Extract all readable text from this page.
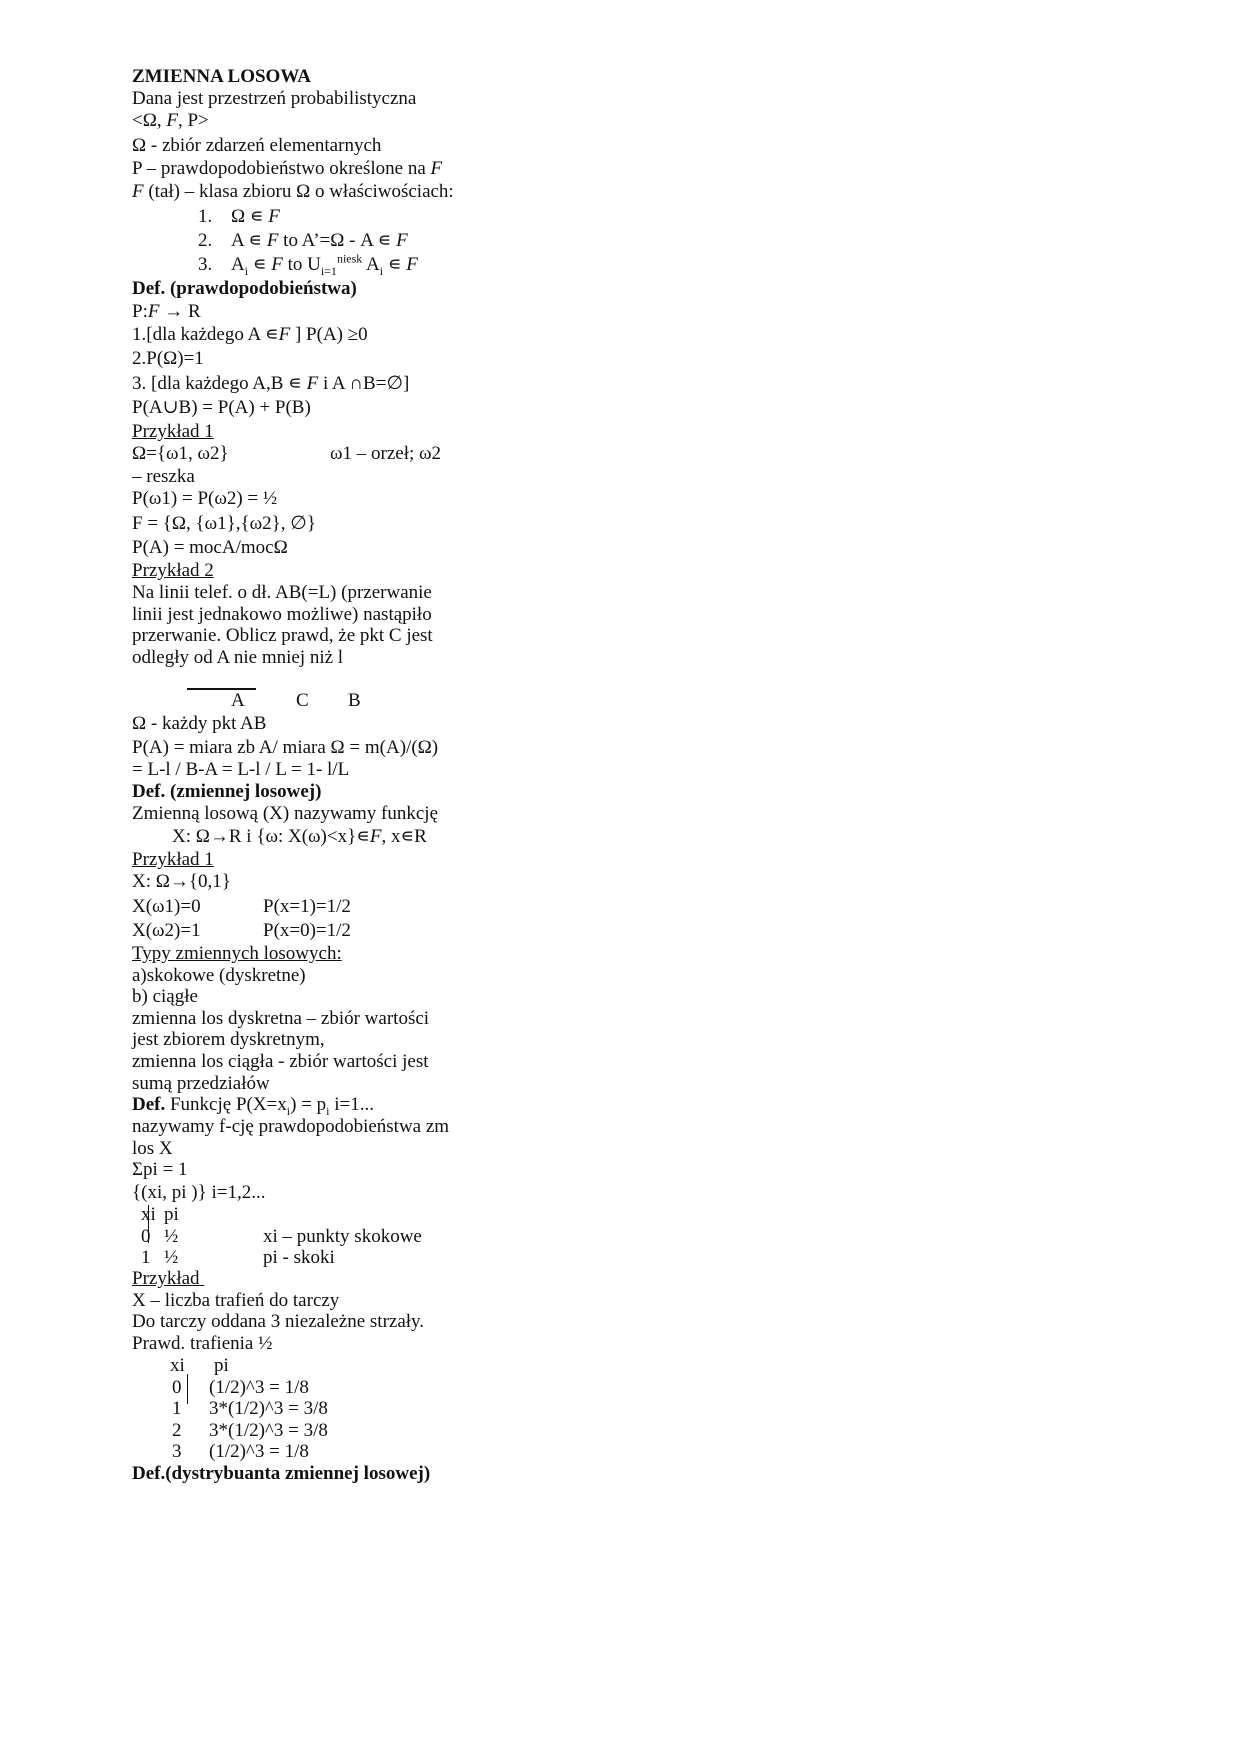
ZMIENNA LOSOWA
Dana jest przestrzeń probabilistyczna
<Ω, F, P>
Ω - zbiór zdarzeń elementarnych
P – prawdopodobieństwo określone na F
F (tał) – klasa zbioru Ω o właściwościach:
1. Ω ∊ F
2. A ∊ F to A’=Ω - A ∊ F
3. $A_i$ ∊ F to $U_{i=1}^{niesk}$ $A_i$ ∊ F
Def. (prawdopodobieństwa)
P:F → R
1.[dla każdego A ∊F ] P(A) ≥0
2.P(Ω)=1
3. [dla każdego A,B ∊ F i A ∩B=∅]
P(A∪B) = P(A) + P(B)
Przykład 1
Ω={ω1, ω2}	ω1 – orzeł; ω2
– reszka
P(ω1) = P(ω2) = ½
F = {Ω, {ω1},{ω2}, ∅}
P(A) = mocA/mocΩ
Przykład 2
Na linii telef. o dł. AB(=L) (przerwanie
linii jest jednakowo możliwe) nastąpiło
przerwanie. Oblicz prawd, że pkt C jest
odległy od A nie mniej niż l
A	C B
Ω - każdy pkt AB
P(A) = miara zb A/ miara Ω = m(A)/(Ω)
= L-l / B-A = L-l / L = 1- l/L
Def. (zmiennej losowej)
Zmienną losową (X) nazywamy funkcję
X: Ω→R i {ω: X(ω)<x}∊F, x∊R
Przykład 1
X: Ω→{0,1}
X(ω1)=0	P(x=1)=1/2
X(ω2)=1	P(x=0)=1/2
Typy zmiennych losowych:
a)skokowe (dyskretne)
b) ciągłe
zmienna los dyskretna – zbiór wartości
jest zbiorem dyskretnym,
zmienna los ciągła - zbiór wartości jest
sumą przedziałów
Def. Funkcję $P(X=x_i) = p_i$ i=1...
nazywamy f-cję prawdopodobieństwa zm
los X
Σpi = 1
{(xi, pi )} i=1,2...
xi pi
0 ½	xi – punkty skokowe
1 ½	pi - skoki
Przykład
X – liczba trafień do tarczy
Do tarczy oddana 3 niezależne strzały.
Prawd. trafienia ½
xi pi
0 (1/2)^3 = 1/8
1 3*(1/2)^3 = 3/8
2 3*(1/2)^3 = 3/8
3 (1/2)^3 = 1/8
Def.(dystrybuanta zmiennej losowej)
